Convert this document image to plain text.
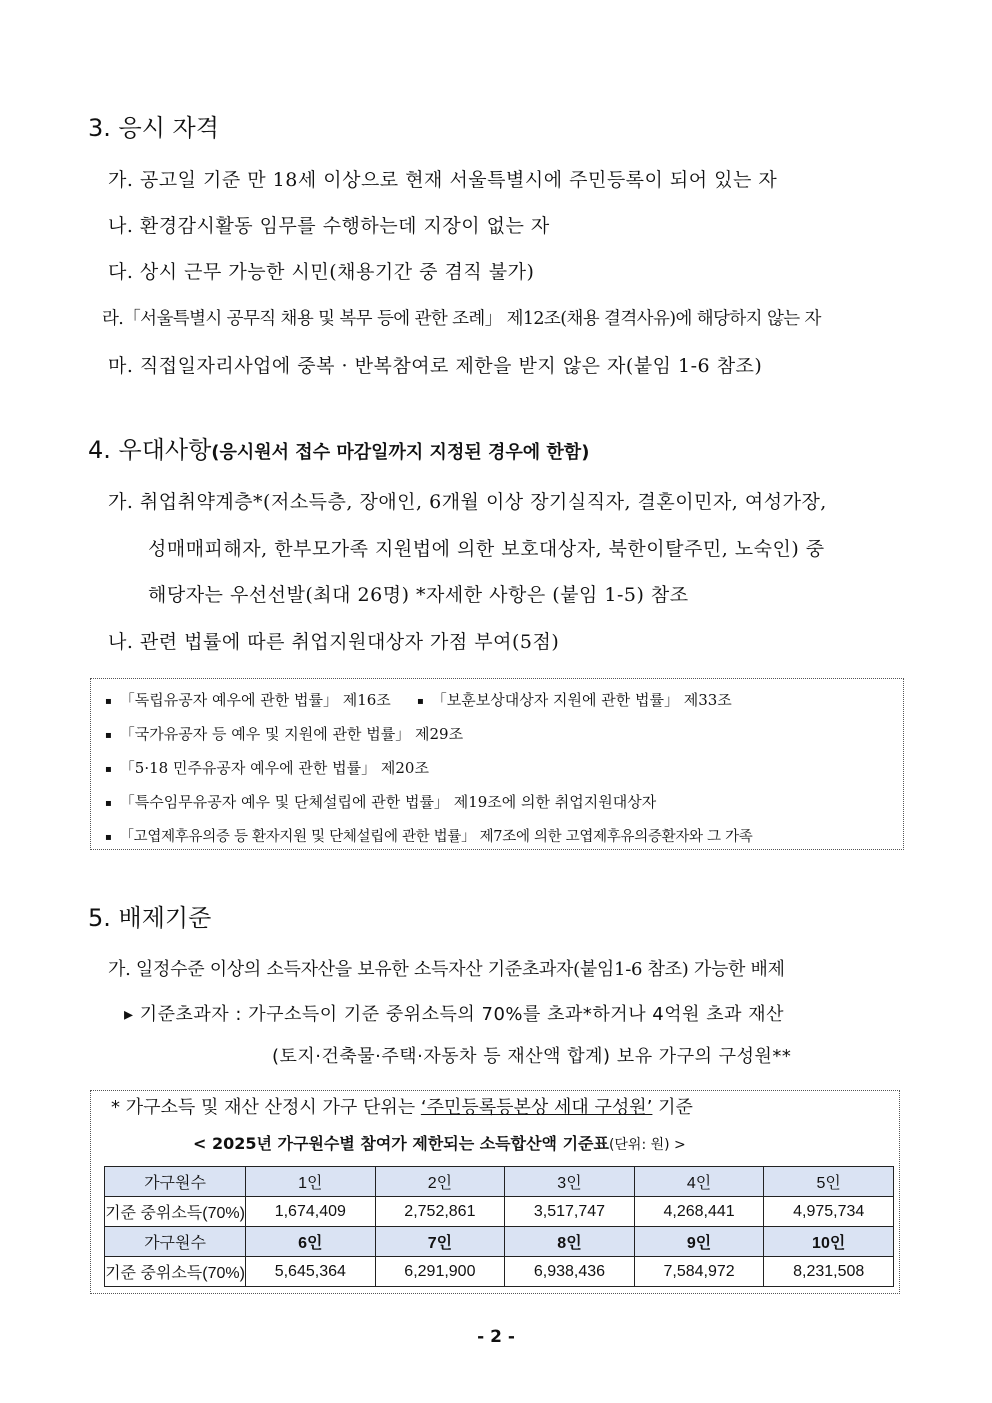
3. 응시 자격
가. 공고일 기준 만 18세 이상으로 현재 서울특별시에 주민등록이 되어 있는 자
나. 환경감시활동 임무를 수행하는데 지장이 없는 자
다. 상시 근무 가능한 시민(채용기간 중 겸직 불가)
라.「서울특별시 공무직 채용 및 복무 등에 관한 조례」 제12조(채용 결격사유)에 해당하지 않는 자
마. 직접일자리사업에 중복 · 반복참여로 제한을 받지 않은 자(붙임 1-6 참조)
4. 우대사항(응시원서 접수 마감일까지 지정된 경우에 한함)
가. 취업취약계층*(저소득층, 장애인, 6개월 이상 장기실직자, 결혼이민자, 여성가장,
성매매피해자, 한부모가족 지원법에 의한 보호대상자, 북한이탈주민, 노숙인) 중
해당자는 우선선발(최대 26명) *자세한 사항은 (붙임 1-5) 참조
나. 관련 법률에 따른 취업지원대상자 가점 부여(5점)
▪ 「독립유공자 예우에 관한 법률」 제16조	▪ 「보훈보상대상자 지원에 관한 법률」 제33조
▪ 「국가유공자 등 예우 및 지원에 관한 법률」 제29조
▪ 「5·18 민주유공자 예우에 관한 법률」 제20조
▪ 「특수임무유공자 예우 및 단체설립에 관한 법률」 제19조에 의한 취업지원대상자
▪ 「고엽제후유의증 등 환자지원 및 단체설립에 관한 법률」 제7조에 의한 고엽제후유의증환자와 그 가족
5. 배제기준
가. 일정수준 이상의 소득자산을 보유한 소득자산 기준초과자(붙임1-6 참조) 가능한 배제
▸ 기준초과자 : 가구소득이 기준 중위소득의 70%를 초과*하거나 4억원 초과 재산
(토지·건축물·주택·자동차 등 재산액 합계) 보유 가구의 구성원**
* 가구소득 및 재산 산정시 가구 단위는 ‘주민등록등본상 세대 구성원’ 기준
< 2025년 가구원수별 참여가 제한되는 소득합산액 기준표(단위: 원) >
가구원수	1인	2인	3인	4인	5인
기준 중위소득(70%)	1,674,409	2,752,861	3,517,747	4,268,441	4,975,734
가구원수	6인	7인	8인	9인	10인
기준 중위소득(70%)	5,645,364	6,291,900	6,938,436	7,584,972	8,231,508
- 2 -
